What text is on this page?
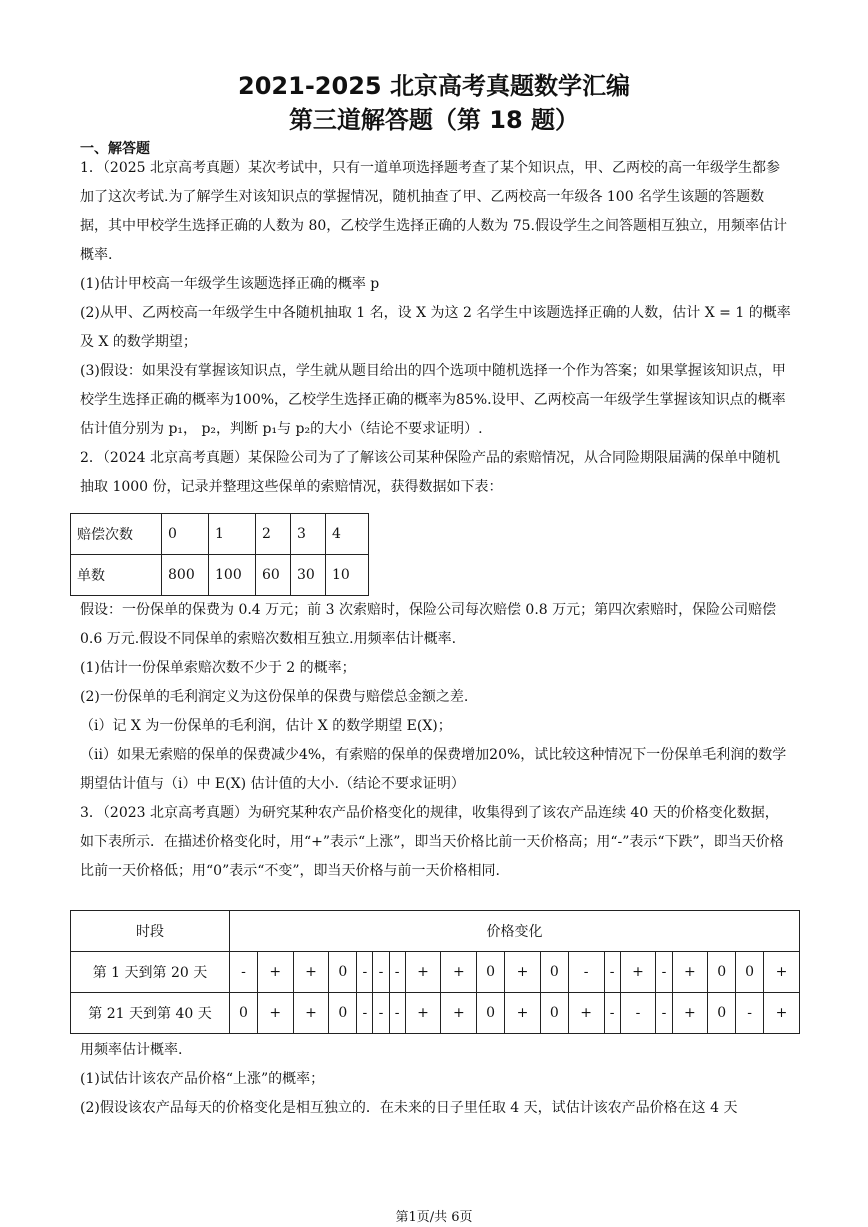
2021-2025 北京高考真题数学汇编
第三道解答题（第 18 题）
一、解答题

1．（2025 北京高考真题）某次考试中，只有一道单项选择题考查了某个知识点，甲、乙两校的高一年级学生都参加了这次考试.为了解学生对该知识点的掌握情况，随机抽查了甲、乙两校高一年级各 100 名学生该题的答题数据，其中甲校学生选择正确的人数为 80，乙校学生选择正确的人数为 75.假设学生之间答题相互独立，用频率估计概率.

(1)估计甲校高一年级学生该题选择正确的概率 p

(2)从甲、乙两校高一年级学生中各随机抽取 1 名，设 X 为这 2 名学生中该题选择正确的人数，估计 X = 1 的概率及 X 的数学期望；

(3)假设：如果没有掌握该知识点，学生就从题目给出的四个选项中随机选择一个作为答案；如果掌握该知识点，甲校学生选择正确的概率为100%，乙校学生选择正确的概率为85%.设甲、乙两校高一年级学生掌握该知识点的概率估计值分别为 p₁， p₂，判断 p₁与 p₂的大小（结论不要求证明）.

2．（2024 北京高考真题）某保险公司为了了解该公司某种保险产品的索赔情况，从合同险期限届满的保单中随机抽取 1000 份，记录并整理这些保单的索赔情况，获得数据如下表：

赔偿次数	0	1	2	3	4
单数	800	100	60	30	10

假设：一份保单的保费为 0.4 万元；前 3 次索赔时，保险公司每次赔偿 0.8 万元；第四次索赔时，保险公司赔偿 0.6 万元.假设不同保单的索赔次数相互独立.用频率估计概率.

(1)估计一份保单索赔次数不少于 2 的概率；

(2)一份保单的毛利润定义为这份保单的保费与赔偿总金额之差.

（i）记 X 为一份保单的毛利润，估计 X 的数学期望 E(X)；

（ii）如果无索赔的保单的保费减少4%，有索赔的保单的保费增加20%，试比较这种情况下一份保单毛利润的数学期望估计值与（i）中 E(X) 估计值的大小.（结论不要求证明）

3．（2023 北京高考真题）为研究某种农产品价格变化的规律，收集得到了该农产品连续 40 天的价格变化数据，如下表所示．在描述价格变化时，用“+”表示“上涨”，即当天价格比前一天价格高；用“-”表示“下跌”，即当天价格比前一天价格低；用“0”表示“不变”，即当天价格与前一天价格相同.

时段	价格变化																			
第 1 天到第 20 天	-	+	+	0	-	-	-	+	+	0	+	0	-	-	+	-	+	0	0	+
第 21 天到第 40 天	0	+	+	0	-	-	-	+	+	0	+	0	+	-	-	-	+	0	-	+

用频率估计概率.

(1)试估计该农产品价格“上涨”的概率；

(2)假设该农产品每天的价格变化是相互独立的．在未来的日子里任取 4 天，试估计该农产品价格在这 4 天

第1页/共 6页
